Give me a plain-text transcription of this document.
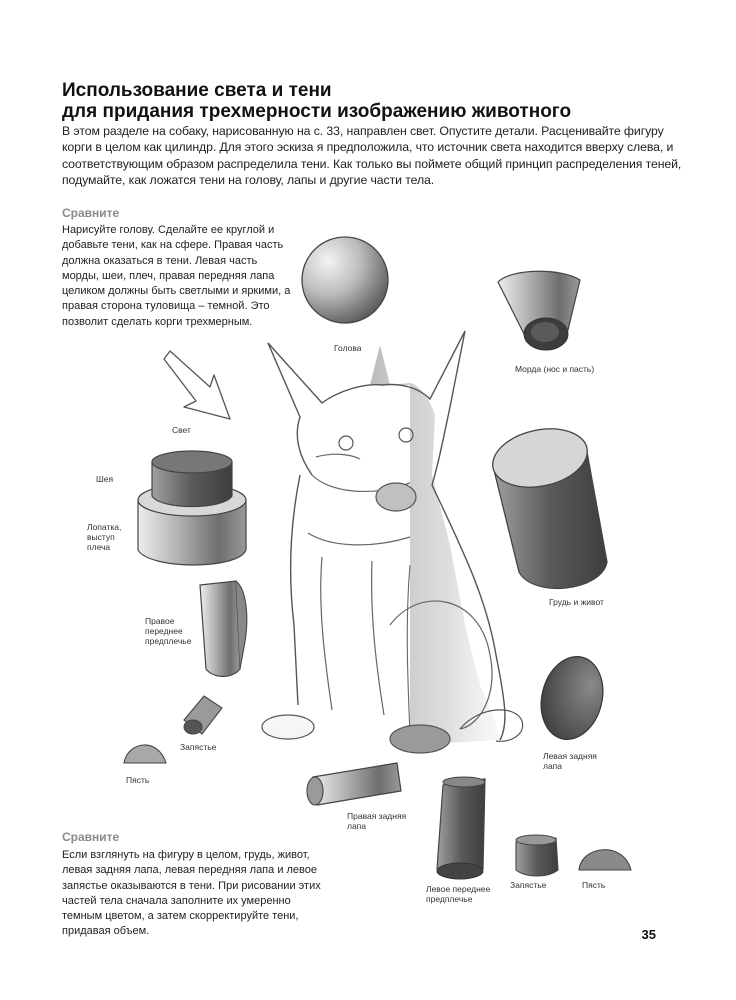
Использование света и тени
для придания трехмерности изображению животного

В этом разделе на собаку, нарисованную на с. 33, направлен свет. Опустите детали. Расценивайте фигуру корги в целом как цилиндр. Для этого эскиза я предположила, что источник света находится вверху слева, и соответствующим образом распределила тени. Как только вы поймете общий принцип распределения теней, подумайте, как ложатся тени на голову, лапы и другие части тела.

Сравните

Нарисуйте голову. Сделайте ее круглой и добавьте тени, как на сфере. Правая часть должна оказаться в тени. Левая часть морды, шеи, плеч, правая передняя лапа целиком должны быть светлыми и яркими, а правая сторона туловища – темной. Это позволит сделать корги трехмерным.

Сравните

Если взглянуть на фигуру в целом, грудь, живот, левая задняя лапа, левая передняя лапа и левое запястье оказываются в тени. При рисовании этих частей тела сначала заполните их умеренно темным цветом, а затем скорректируйте тени, придавая объем.

Голова
Морда (нос и пасть)
Свет
Шея
Лопатка,
выступ
плеча
Грудь и живот
Правое
переднее
предплечье
Запястье
Пясть
Левая задняя
лапа
Правая задняя
лапа
Левое переднее
предплечье
Запястье	Пясть
35
